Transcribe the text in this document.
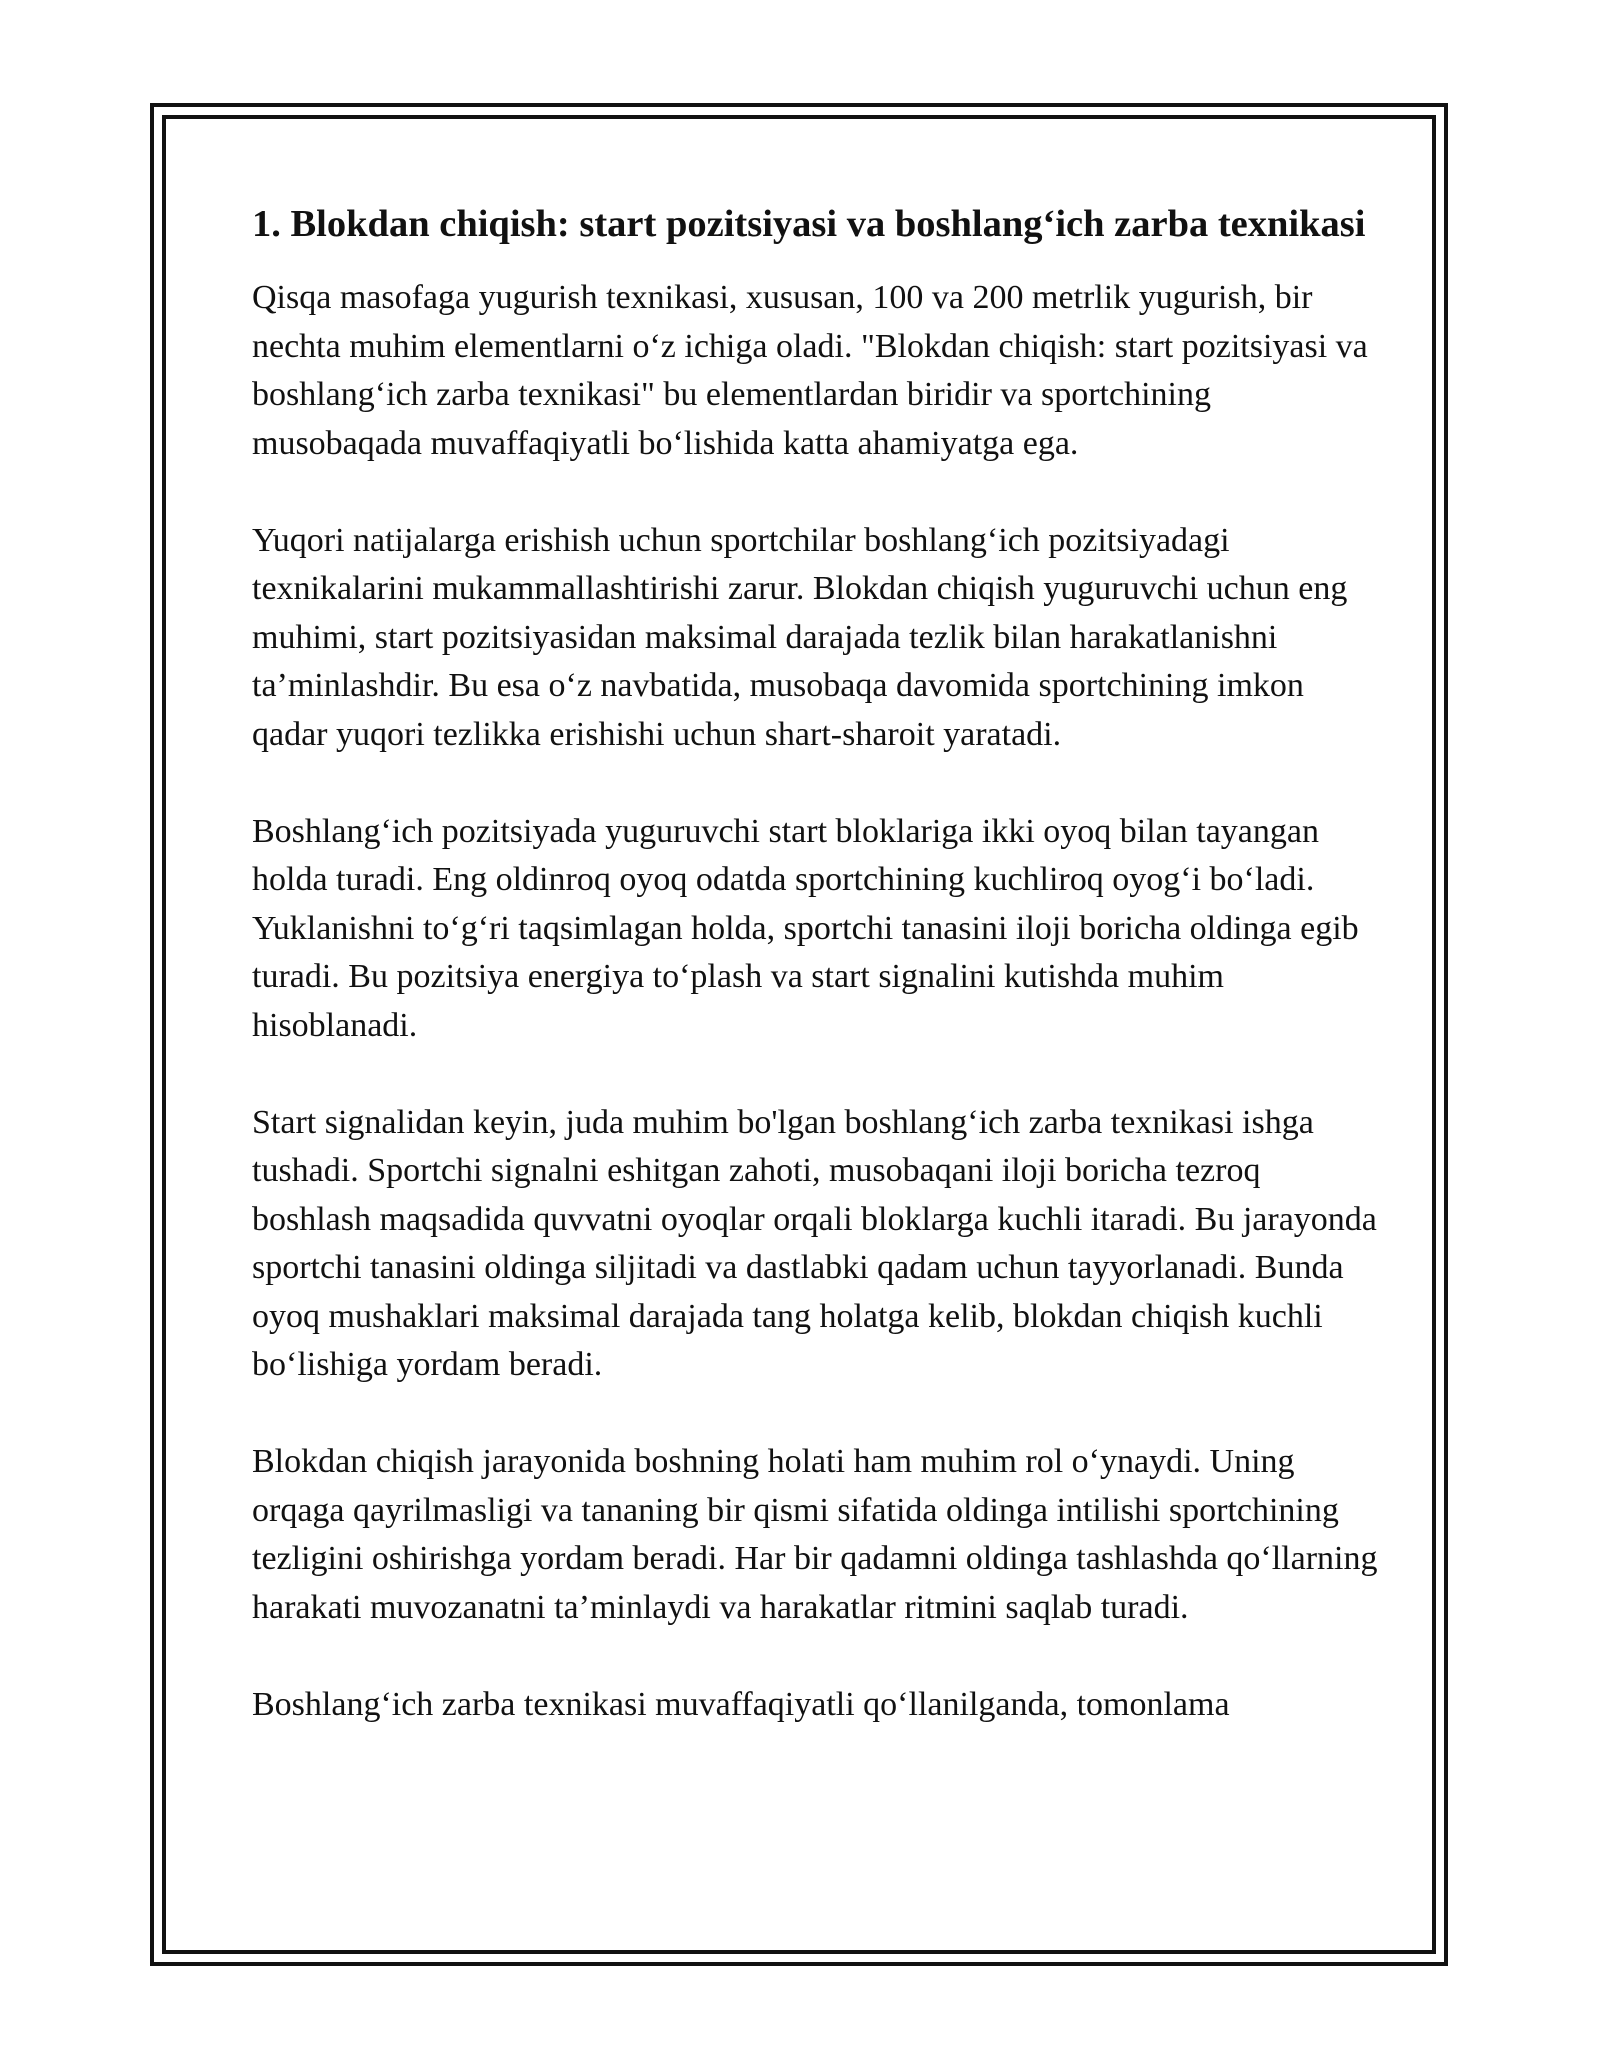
1. Blokdan chiqish: start pozitsiyasi va boshlang‘ich zarba texnikasi

Qisqa masofaga yugurish texnikasi, xususan, 100 va 200 metrlik yugurish, bir nechta muhim elementlarni o‘z ichiga oladi. "Blokdan chiqish: start pozitsiyasi va boshlang‘ich zarba texnikasi" bu elementlardan biridir va sportchining musobaqada muvaffaqiyatli bo‘lishida katta ahamiyatga ega.

Yuqori natijalarga erishish uchun sportchilar boshlang‘ich pozitsiyadagi texnikalarini mukammallashtirishi zarur. Blokdan chiqish yuguruvchi uchun eng muhimi, start pozitsiyasidan maksimal darajada tezlik bilan harakatlanishni ta’minlashdir. Bu esa o‘z navbatida, musobaqa davomida sportchining imkon qadar yuqori tezlikka erishishi uchun shart-sharoit yaratadi.

Boshlang‘ich pozitsiyada yuguruvchi start bloklariga ikki oyoq bilan tayangan holda turadi. Eng oldinroq oyoq odatda sportchining kuchliroq oyog‘i bo‘ladi. Yuklanishni to‘g‘ri taqsimlagan holda, sportchi tanasini iloji boricha oldinga egib turadi. Bu pozitsiya energiya to‘plash va start signalini kutishda muhim hisoblanadi.

Start signalidan keyin, juda muhim bo'lgan boshlang‘ich zarba texnikasi ishga tushadi. Sportchi signalni eshitgan zahoti, musobaqani iloji boricha tezroq boshlash maqsadida quvvatni oyoqlar orqali bloklarga kuchli itaradi. Bu jarayonda sportchi tanasini oldinga siljitadi va dastlabki qadam uchun tayyorlanadi. Bunda oyoq mushaklari maksimal darajada tang holatga kelib, blokdan chiqish kuchli bo‘lishiga yordam beradi.

Blokdan chiqish jarayonida boshning holati ham muhim rol o‘ynaydi. Uning orqaga qayrilmasligi va tananing bir qismi sifatida oldinga intilishi sportchining tezligini oshirishga yordam beradi. Har bir qadamni oldinga tashlashda qo‘llarning harakati muvozanatni ta’minlaydi va harakatlar ritmini saqlab turadi.

Boshlang‘ich zarba texnikasi muvaffaqiyatli qo‘llanilganda, tomonlama
